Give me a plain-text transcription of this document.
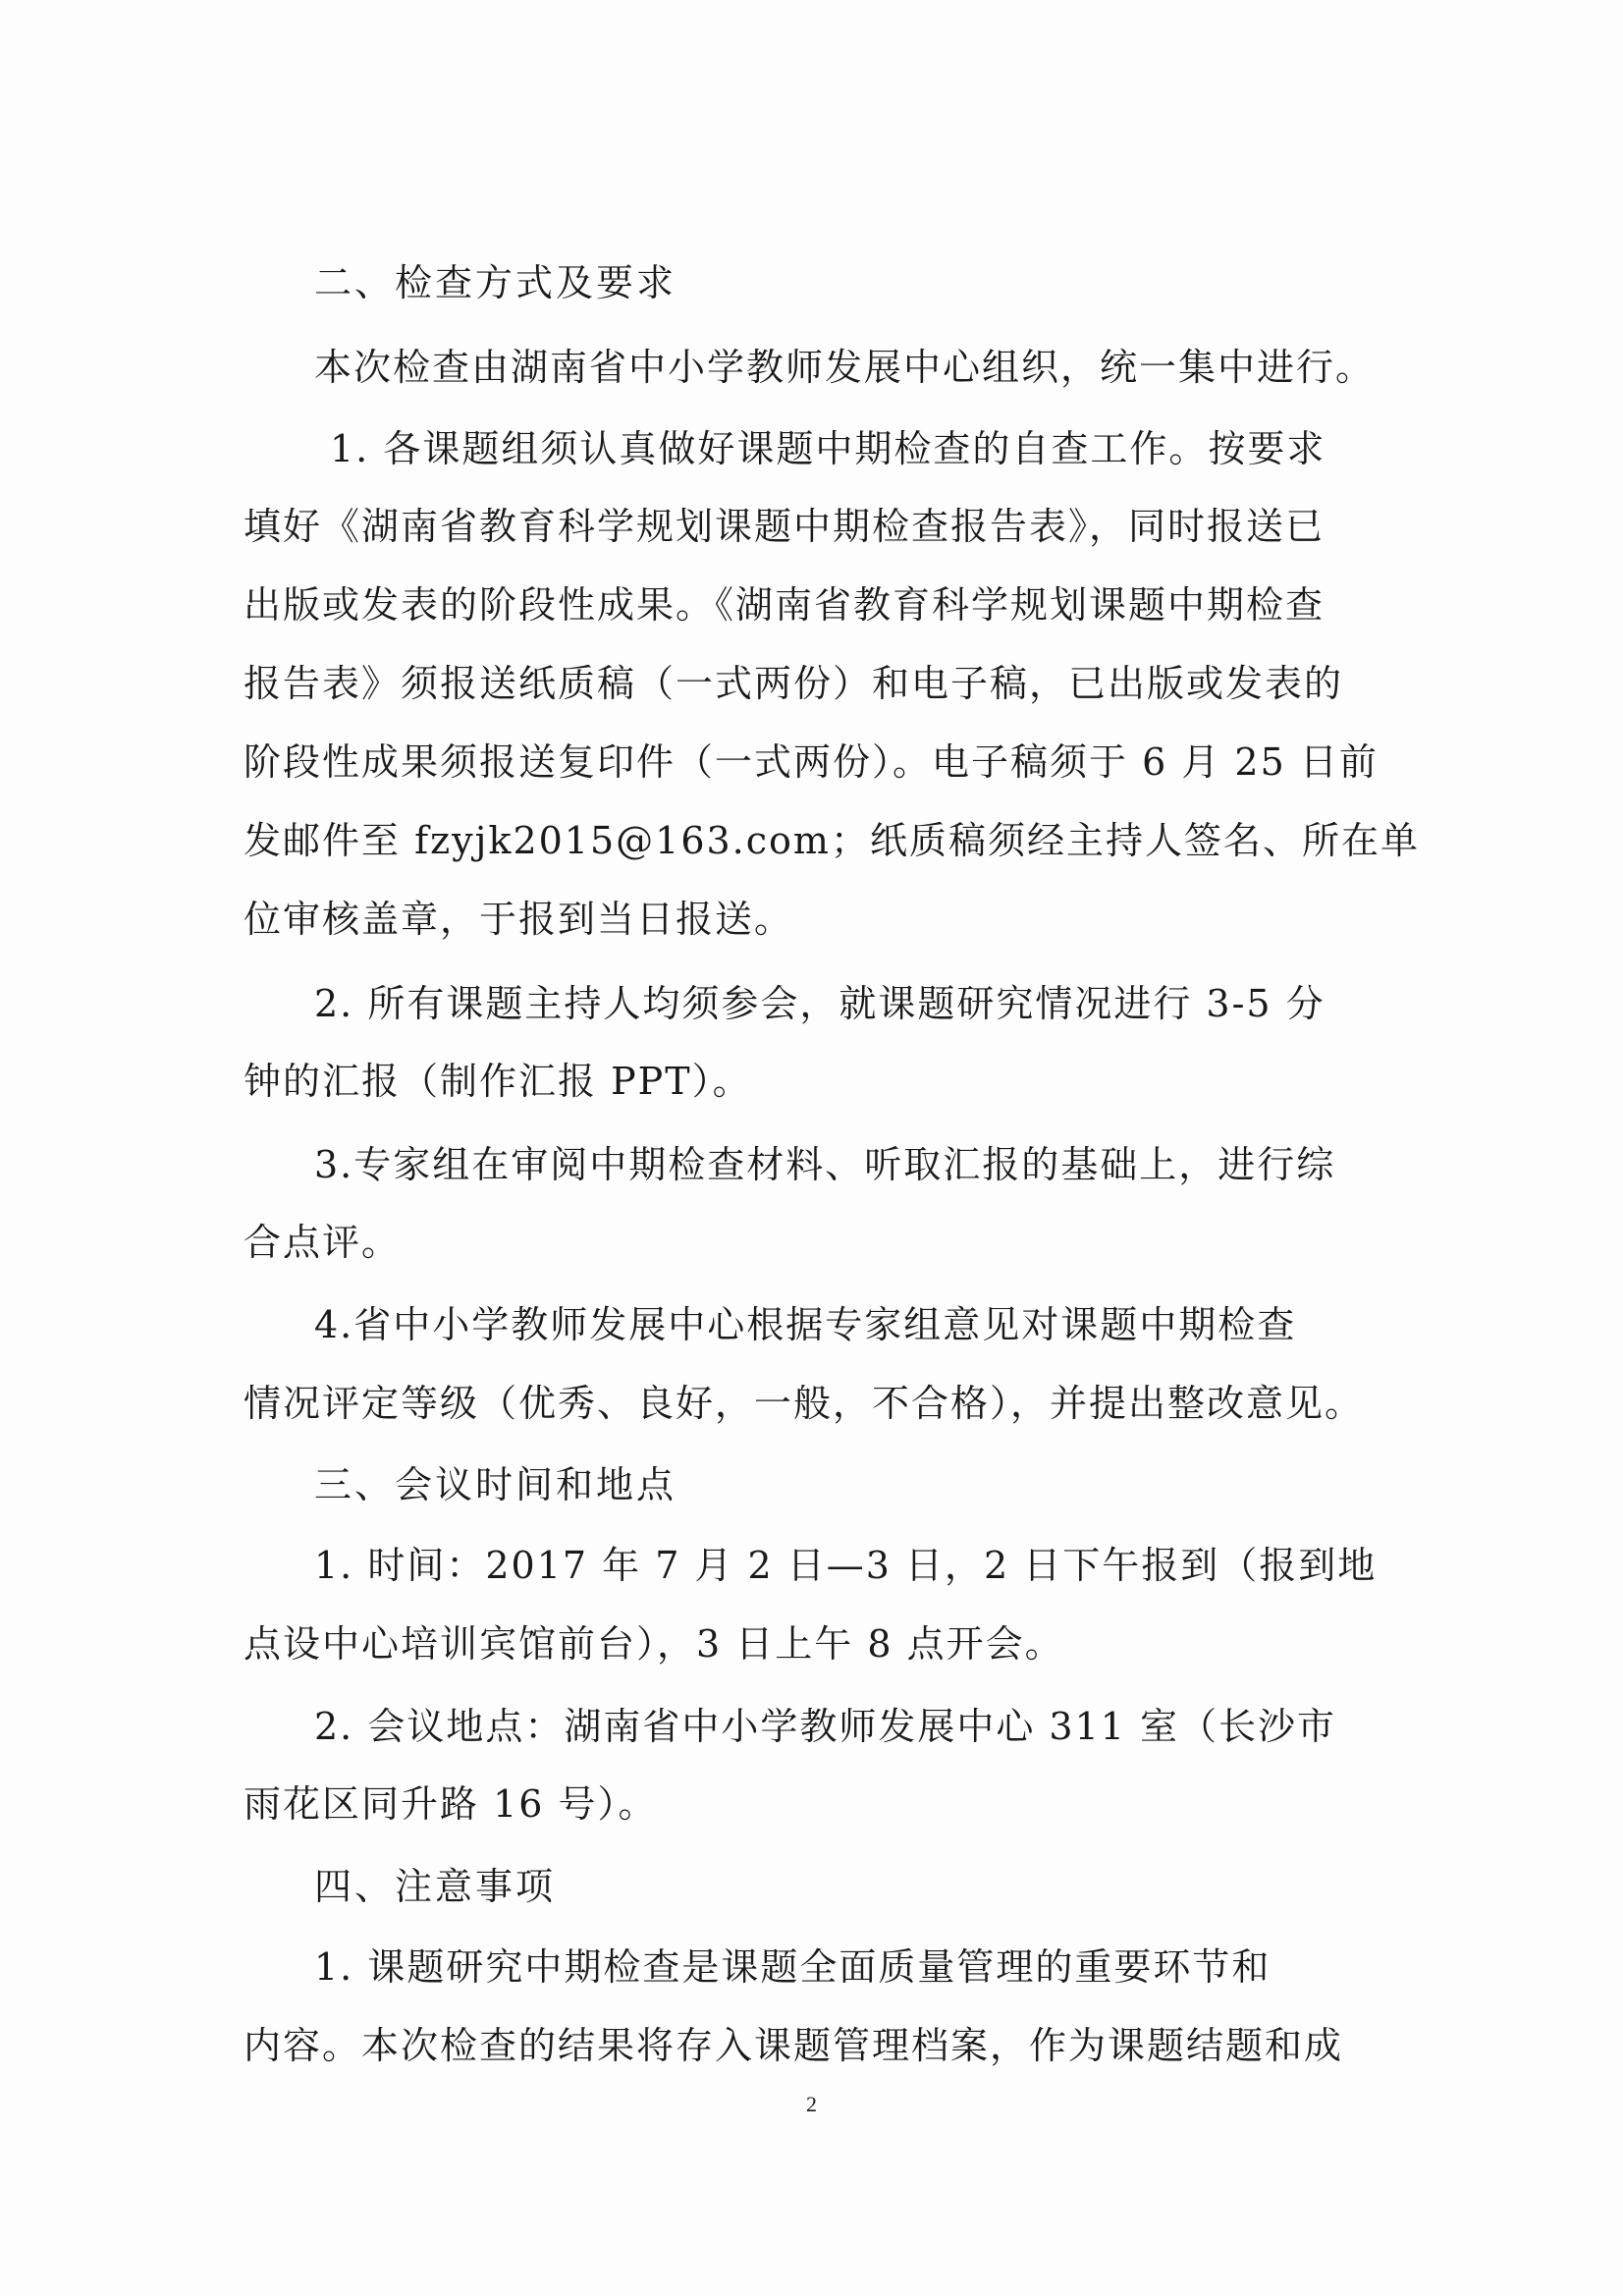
二、检查方式及要求
本次检查由湖南省中小学教师发展中心组织，统一集中进行。
1. 各课题组须认真做好课题中期检查的自查工作。按要求
填好《湖南省教育科学规划课题中期检查报告表》，同时报送已
出版或发表的阶段性成果。《湖南省教育科学规划课题中期检查
报告表》须报送纸质稿（一式两份）和电子稿，已出版或发表的
阶段性成果须报送复印件（一式两份）。电子稿须于 6 月 25 日前
发邮件至 fzyjk2015@163.com；纸质稿须经主持人签名、所在单
位审核盖章，于报到当日报送。
2. 所有课题主持人均须参会，就课题研究情况进行 3-5 分
钟的汇报（制作汇报 PPT）。
3.专家组在审阅中期检查材料、听取汇报的基础上，进行综
合点评。
4.省中小学教师发展中心根据专家组意见对课题中期检查
情况评定等级（优秀、良好，一般，不合格），并提出整改意见。
三、会议时间和地点
1. 时间：2017 年 7 月 2 日—3 日，2 日下午报到（报到地
点设中心培训宾馆前台），3 日上午 8 点开会。
2. 会议地点：湖南省中小学教师发展中心 311 室（长沙市
雨花区同升路 16 号）。
四、注意事项
1. 课题研究中期检查是课题全面质量管理的重要环节和
内容。本次检查的结果将存入课题管理档案，作为课题结题和成
2
